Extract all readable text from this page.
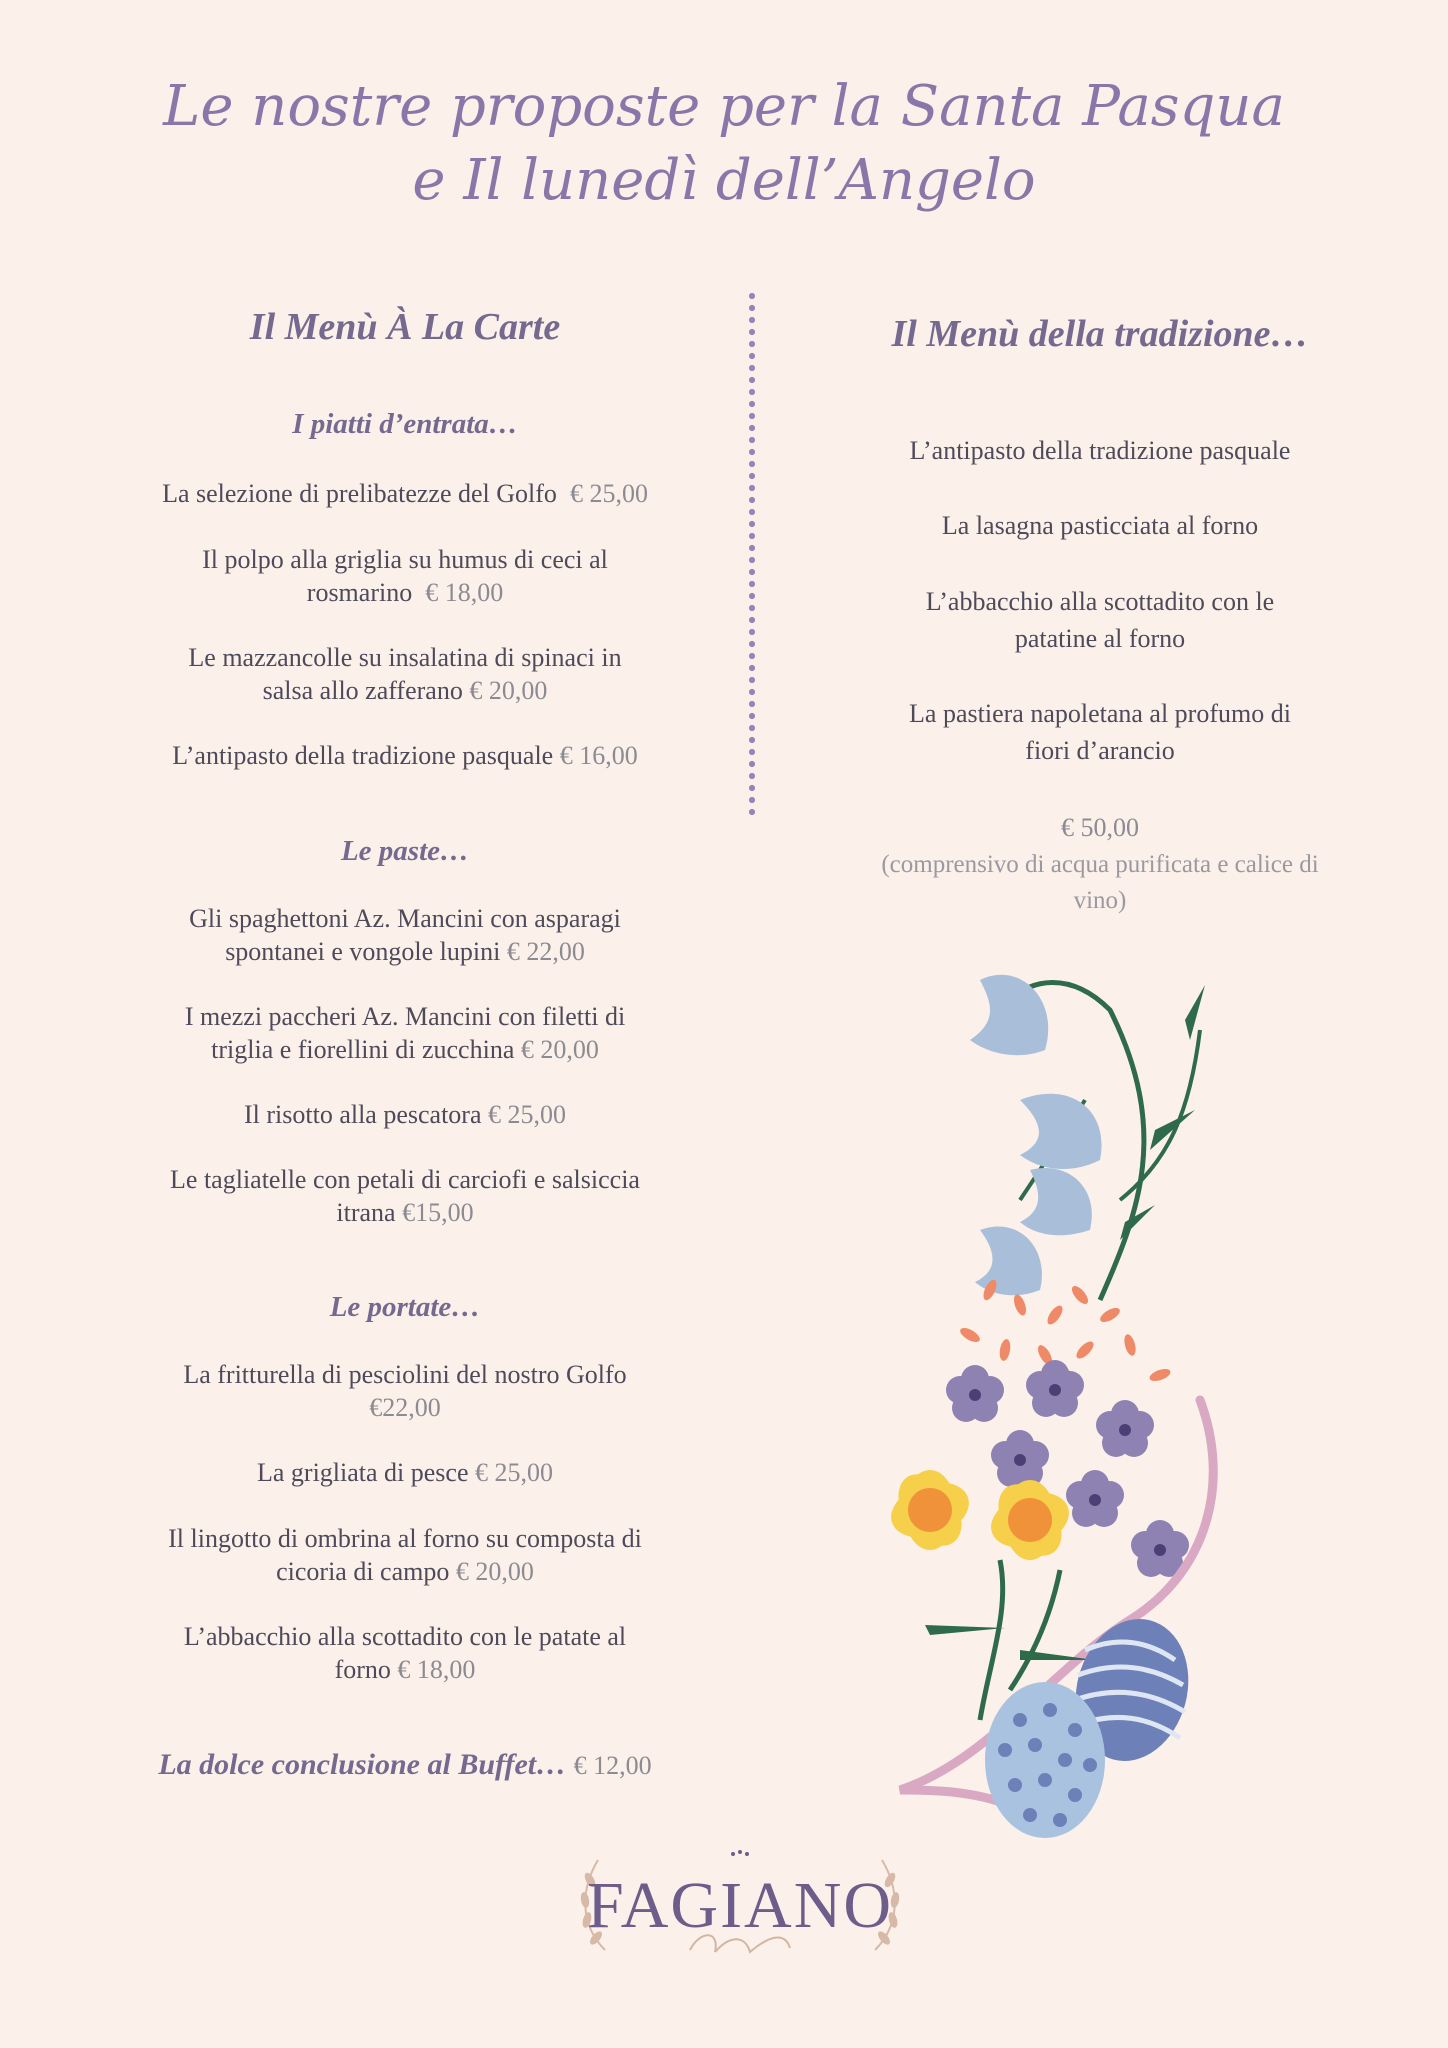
Le nostre proposte per la Santa Pasqua
e Il lunedì dell’Angelo
Il Menù À La Carte
I piatti d’entrata…
La selezione di prelibatezze del Golfo € 25,00
Il polpo alla griglia su humus di ceci al
rosmarino € 18,00
Le mazzancolle su insalatina di spinaci in
salsa allo zafferano € 20,00
L’antipasto della tradizione pasquale € 16,00
Le paste…
Gli spaghettoni Az. Mancini con asparagi
spontanei e vongole lupini € 22,00
I mezzi paccheri Az. Mancini con filetti di
triglia e fiorellini di zucchina € 20,00
Il risotto alla pescatora € 25,00
Le tagliatelle con petali di carciofi e salsiccia
itrana €15,00
Le portate…
La fritturella di pesciolini del nostro Golfo
€22,00
La grigliata di pesce € 25,00
Il lingotto di ombrina al forno su composta di
cicoria di campo € 20,00
L’abbacchio alla scottadito con le patate al
forno € 18,00
La dolce conclusione al Buffet… € 12,00
Il Menù della tradizione…
L’antipasto della tradizione pasquale
La lasagna pasticciata al forno
L’abbacchio alla scottadito con le
patatine al forno
La pastiera napoletana al profumo di
fiori d’arancio
€ 50,00
(comprensivo di acqua purificata e calice di
vino)
FAGIANO
